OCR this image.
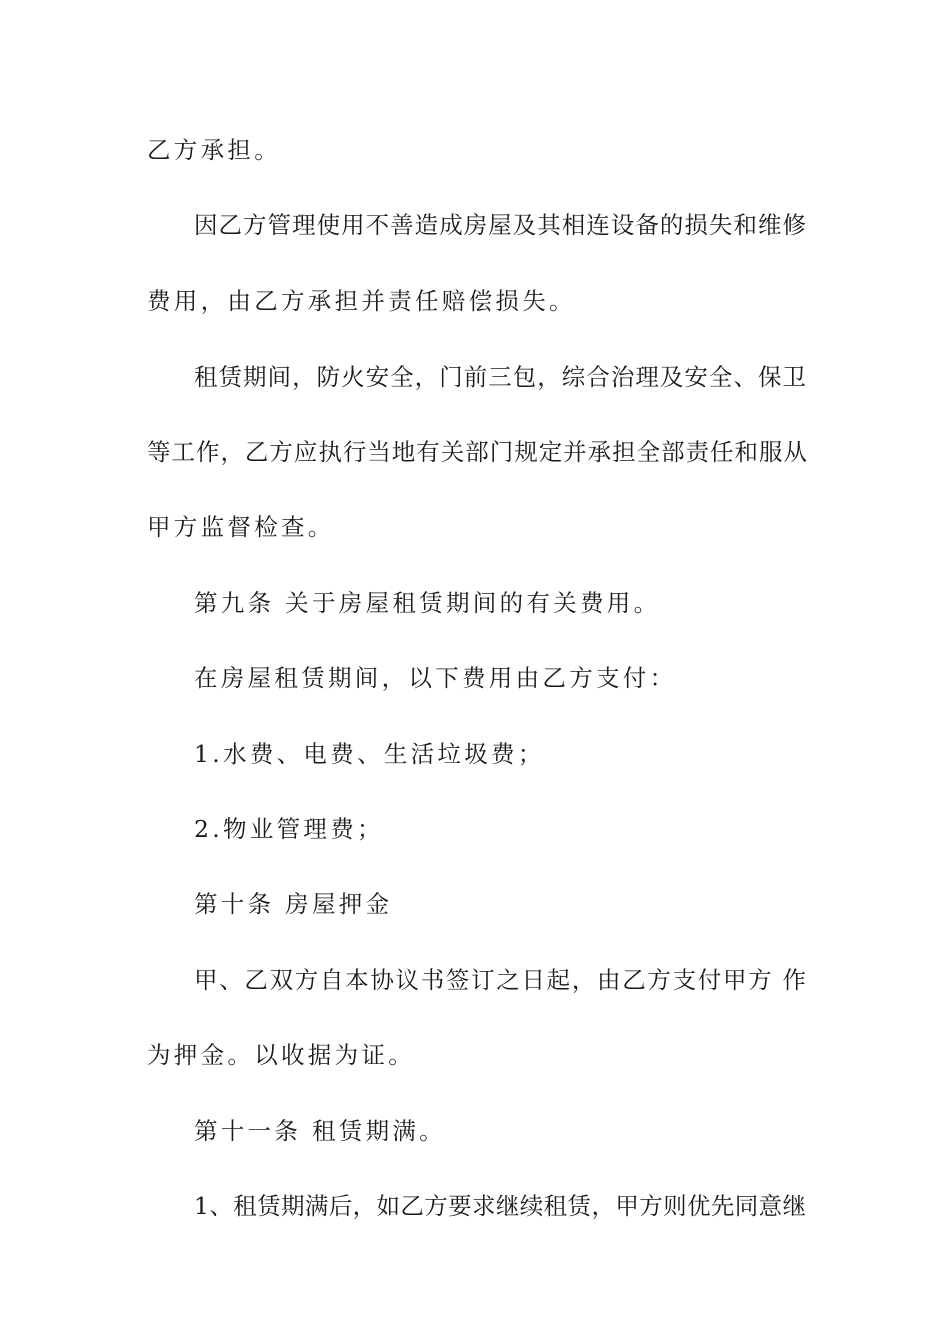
乙方承担。
因乙方管理使用不善造成房屋及其相连设备的损失和维修
费用，由乙方承担并责任赔偿损失。
租赁期间，防火安全，门前三包，综合治理及安全、保卫
等工作，乙方应执行当地有关部门规定并承担全部责任和服从
甲方监督检查。
第九条 关于房屋租赁期间的有关费用。
在房屋租赁期间，以下费用由乙方支付：
1.水费、电费、生活垃圾费；
2.物业管理费；
第十条 房屋押金
甲、乙双方自本协议书签订之日起，由乙方支付甲方 作
为押金。以收据为证。
第十一条 租赁期满。
1、租赁期满后，如乙方要求继续租赁，甲方则优先同意继
